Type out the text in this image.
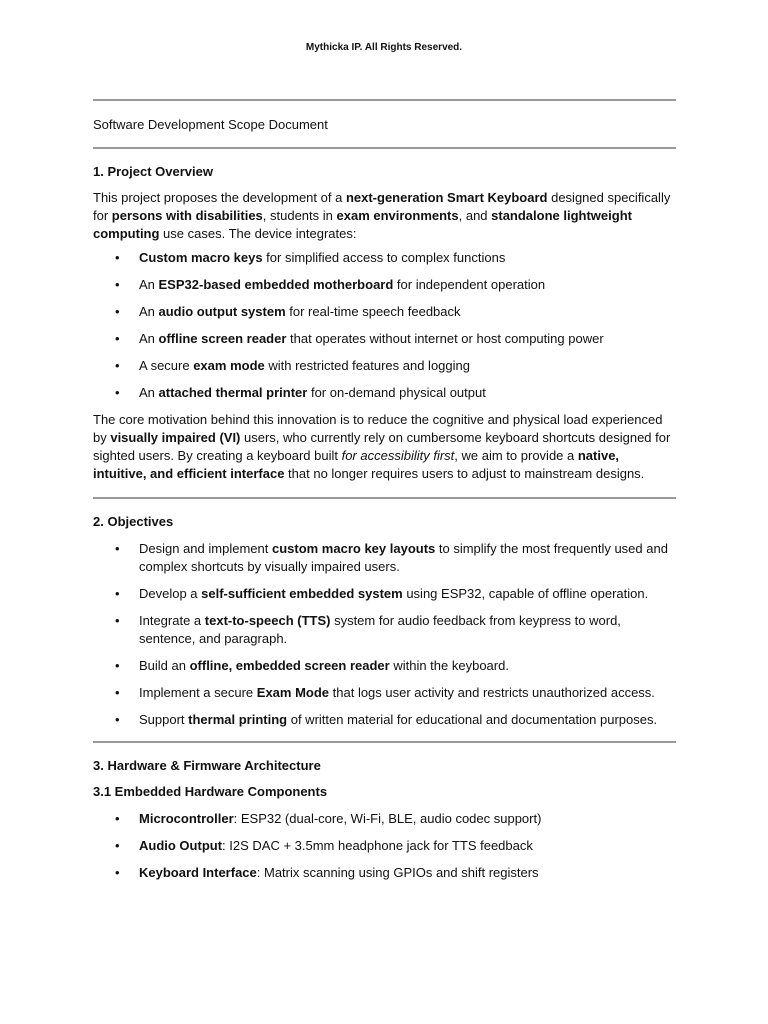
Mythicka IP. All Rights Reserved.
Software Development Scope Document
1. Project Overview
This project proposes the development of a next-generation Smart Keyboard designed specifically for persons with disabilities, students in exam environments, and standalone lightweight computing use cases. The device integrates:
• Custom macro keys for simplified access to complex functions
• An ESP32-based embedded motherboard for independent operation
• An audio output system for real-time speech feedback
• An offline screen reader that operates without internet or host computing power
• A secure exam mode with restricted features and logging
• An attached thermal printer for on-demand physical output
The core motivation behind this innovation is to reduce the cognitive and physical load experienced by visually impaired (VI) users, who currently rely on cumbersome keyboard shortcuts designed for sighted users. By creating a keyboard built for accessibility first, we aim to provide a native, intuitive, and efficient interface that no longer requires users to adjust to mainstream designs.
2. Objectives
• Design and implement custom macro key layouts to simplify the most frequently used and complex shortcuts by visually impaired users.
• Develop a self-sufficient embedded system using ESP32, capable of offline operation.
• Integrate a text-to-speech (TTS) system for audio feedback from keypress to word, sentence, and paragraph.
• Build an offline, embedded screen reader within the keyboard.
• Implement a secure Exam Mode that logs user activity and restricts unauthorized access.
• Support thermal printing of written material for educational and documentation purposes.
3. Hardware & Firmware Architecture
3.1 Embedded Hardware Components
• Microcontroller: ESP32 (dual-core, Wi-Fi, BLE, audio codec support)
• Audio Output: I2S DAC + 3.5mm headphone jack for TTS feedback
• Keyboard Interface: Matrix scanning using GPIOs and shift registers
